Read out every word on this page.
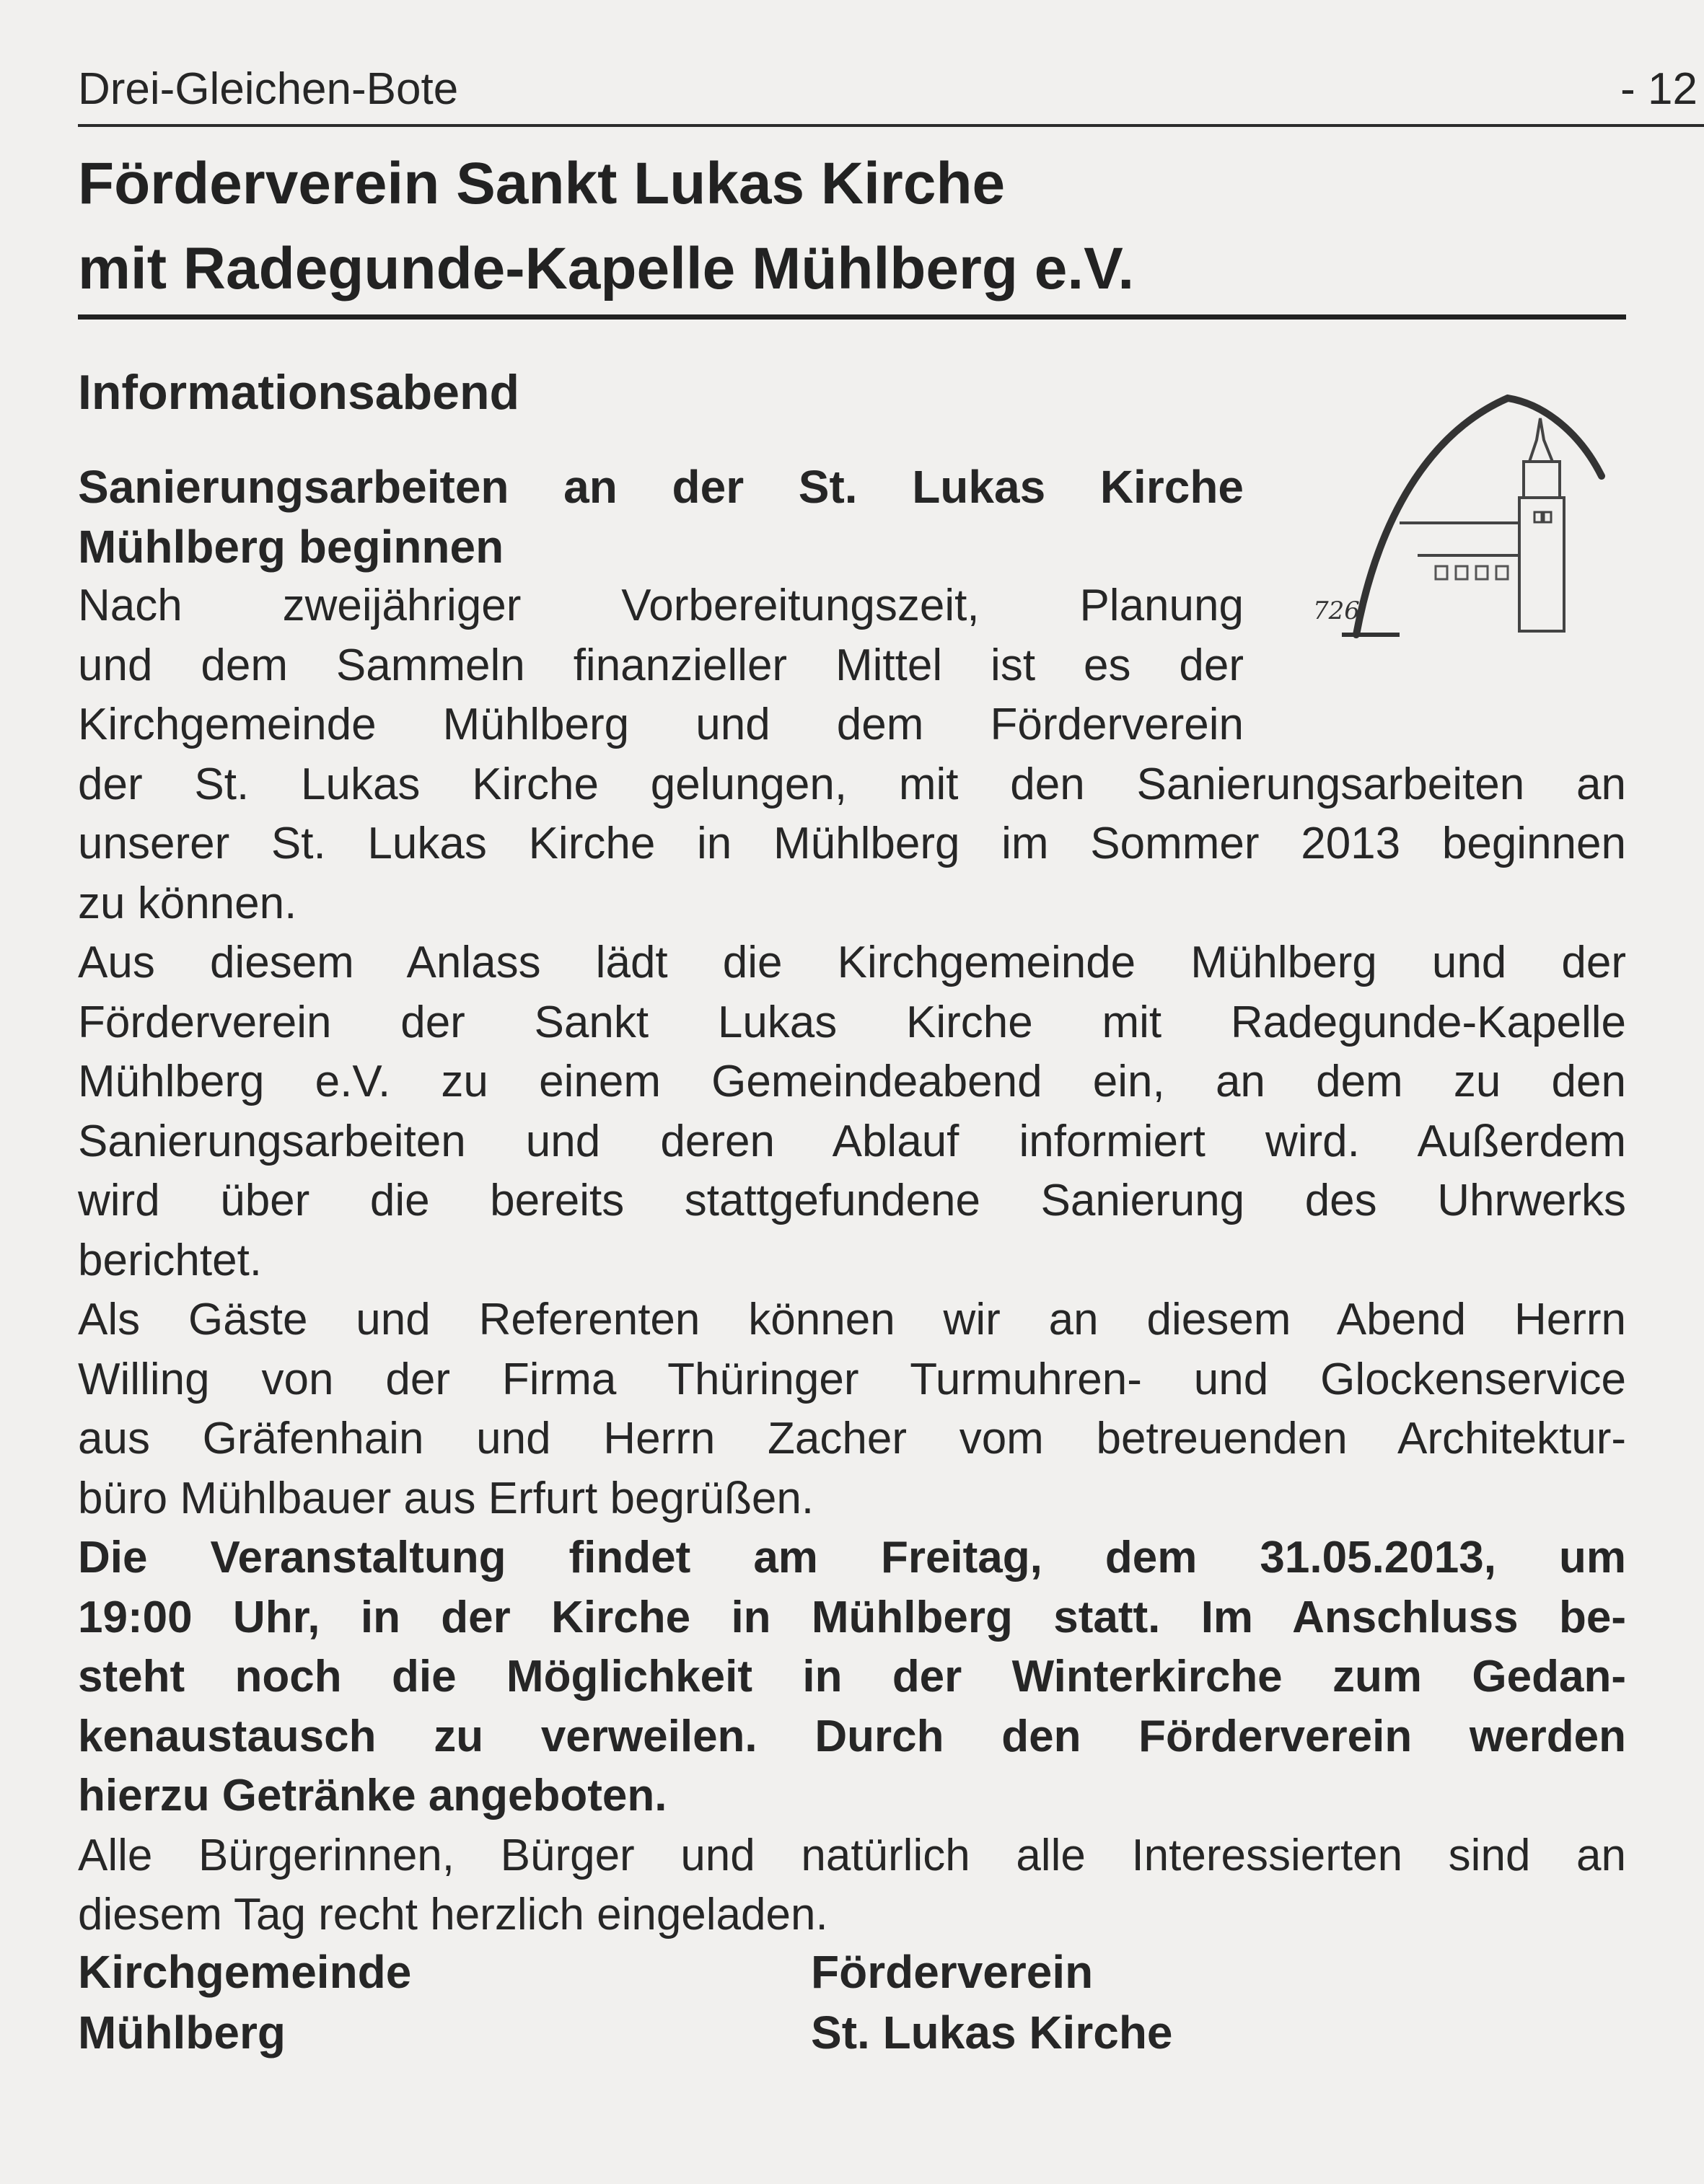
Drei-Gleichen-Bote	- 12
Förderverein Sankt Lukas Kirche
mit Radegunde-Kapelle Mühlberg e.V.
Informationsabend
726

Sanierungsarbeiten an der St. Lukas Kirche
Mühlberg beginnen

Nach zweijähriger Vorbereitungszeit, Planung
und dem Sammeln finanzieller Mittel ist es der
Kirchgemeinde Mühlberg und dem Förderverein
der St. Lukas Kirche gelungen, mit den Sanierungsarbeiten an
unserer St. Lukas Kirche in Mühlberg im Sommer 2013 beginnen
zu können.

Aus diesem Anlass lädt die Kirchgemeinde Mühlberg und der
Förderverein der Sankt Lukas Kirche mit Radegunde-Kapelle
Mühlberg e.V. zu einem Gemeindeabend ein, an dem zu den
Sanierungsarbeiten und deren Ablauf informiert wird. Außerdem
wird über die bereits stattgefundene Sanierung des Uhrwerks
berichtet.

Als Gäste und Referenten können wir an diesem Abend Herrn
Willing von der Firma Thüringer Turmuhren- und Glockenservice
aus Gräfenhain und Herrn Zacher vom betreuenden Architektur-
büro Mühlbauer aus Erfurt begrüßen.

Die Veranstaltung findet am Freitag, dem 31.05.2013, um
19:00 Uhr, in der Kirche in Mühlberg statt. Im Anschluss be-
steht noch die Möglichkeit in der Winterkirche zum Gedan-
kenaustausch zu verweilen. Durch den Förderverein werden
hierzu Getränke angeboten.

Alle Bürgerinnen, Bürger und natürlich alle Interessierten sind an
diesem Tag recht herzlich eingeladen.

Kirchgemeinde
Mühlberg
Förderverein
St. Lukas Kirche
